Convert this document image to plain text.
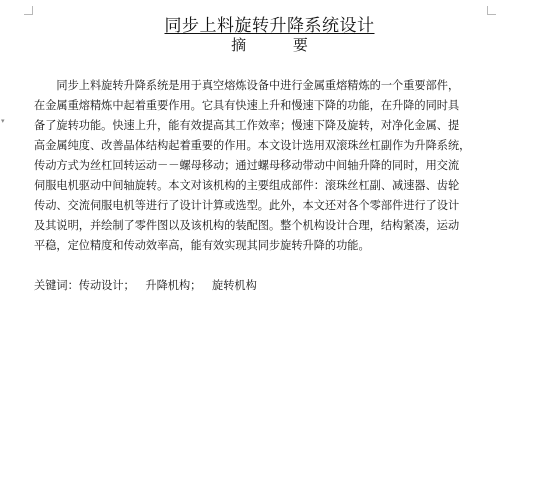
▾
同步上料旋转升降系统设计
摘 要
　　同步上料旋转升降系统是用于真空熔炼设备中进行金属重熔精炼的一个重要部件，
在金属重熔精炼中起着重要作用。它具有快速上升和慢速下降的功能，在升降的同时具
备了旋转功能。快速上升，能有效提高其工作效率；慢速下降及旋转，对净化金属、提
高金属纯度、改善晶体结构起着重要的作用。本文设计选用双滚珠丝杠副作为升降系统，
传动方式为丝杠回转运动－－螺母移动；通过螺母移动带动中间轴升降的同时，用交流
伺服电机驱动中间轴旋转。本文对该机构的主要组成部件：滚珠丝杠副、减速器、齿轮
传动、交流伺服电机等进行了设计计算或选型。此外，本文还对各个零部件进行了设计
及其说明，并绘制了零件图以及该机构的装配图。整个机构设计合理，结构紧凑，运动
平稳，定位精度和传动效率高，能有效实现其同步旋转升降的功能。
关键词：传动设计； 升降机构； 旋转机构
